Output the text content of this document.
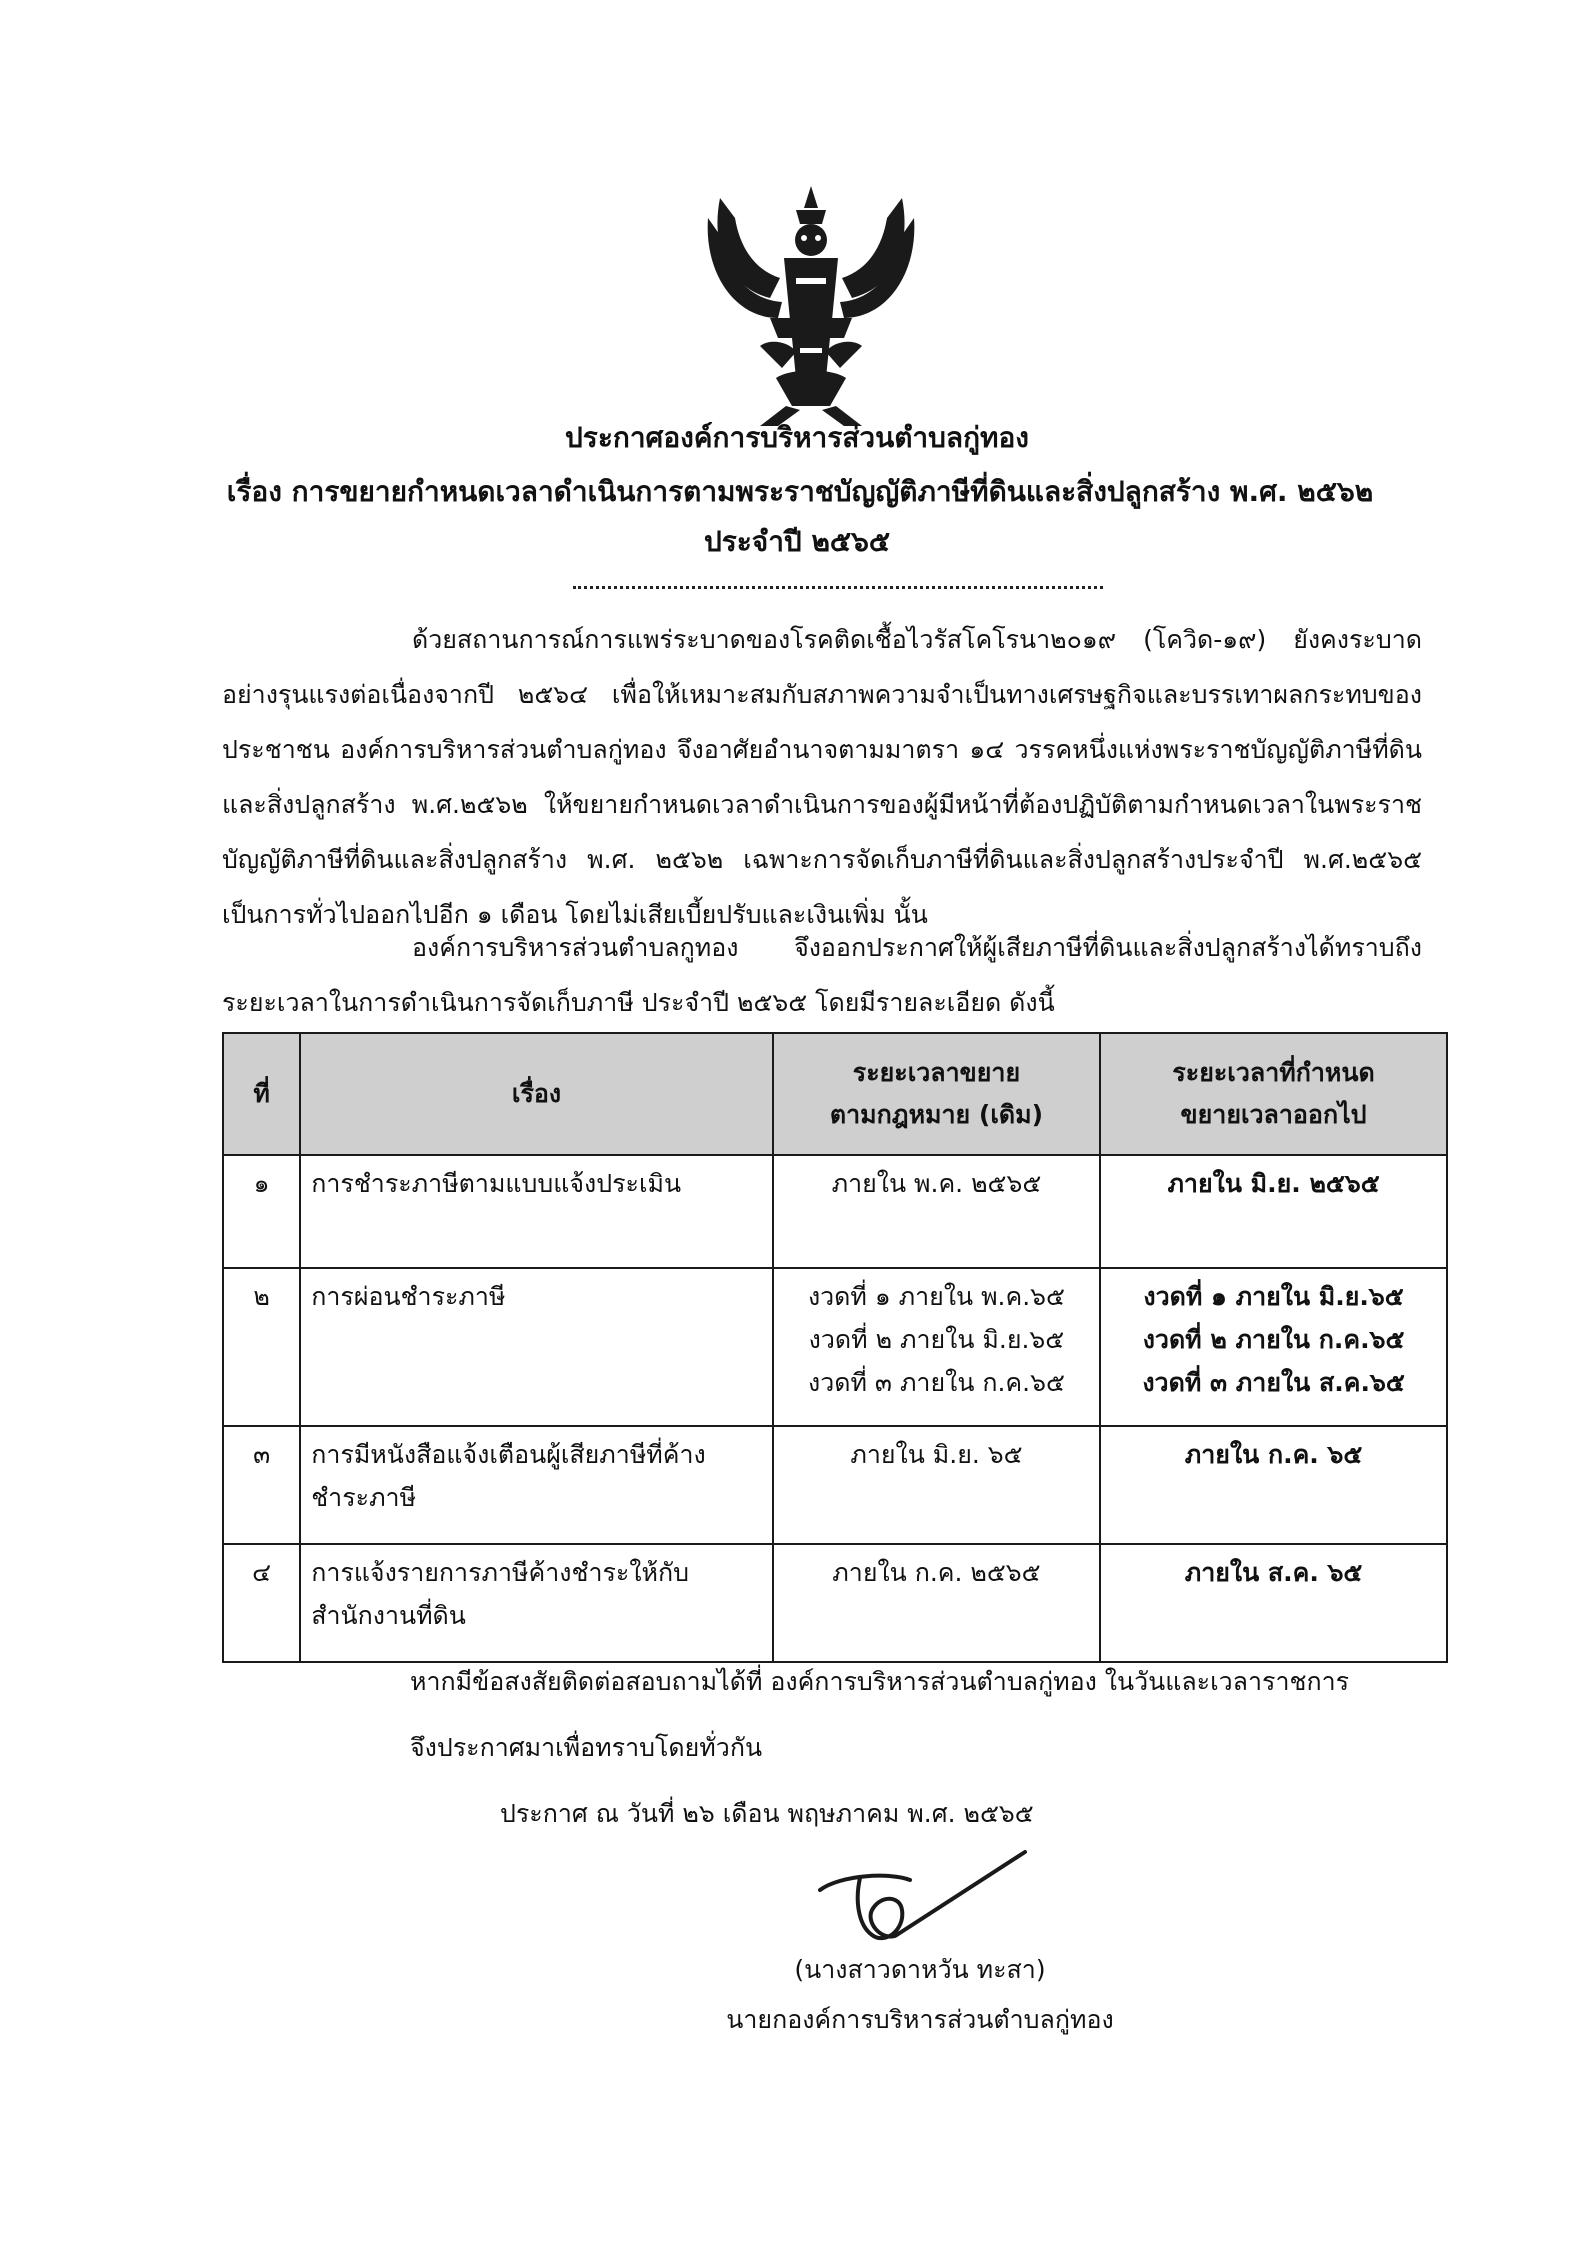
ประกาศองค์การบริหารส่วนตำบลกู่ทอง
เรื่อง การขยายกำหนดเวลาดำเนินการตามพระราชบัญญัติภาษีที่ดินและสิ่งปลูกสร้าง พ.ศ. ๒๕๖๒
ประจำปี ๒๕๖๕
ด้วยสถานการณ์การแพร่ระบาดของโรคติดเชื้อไวรัสโคโรนา๒๐๑๙ (โควิด-๑๙) ยังคงระบาดอย่างรุนแรงต่อเนื่องจากปี ๒๕๖๔ เพื่อให้เหมาะสมกับสภาพความจำเป็นทางเศรษฐกิจและบรรเทาผลกระทบของประชาชน องค์การบริหารส่วนตำบลกู่ทอง จึงอาศัยอำนาจตามมาตรา ๑๔ วรรคหนึ่งแห่งพระราชบัญญัติภาษีที่ดินและสิ่งปลูกสร้าง พ.ศ.๒๕๖๒ ให้ขยายกำหนดเวลาดำเนินการของผู้มีหน้าที่ต้องปฏิบัติตามกำหนดเวลาในพระราชบัญญัติภาษีที่ดินและสิ่งปลูกสร้าง พ.ศ. ๒๕๖๒ เฉพาะการจัดเก็บภาษีที่ดินและสิ่งปลูกสร้างประจำปี พ.ศ.๒๕๖๕ เป็นการทั่วไปออกไปอีก ๑ เดือน โดยไม่เสียเบี้ยปรับและเงินเพิ่ม นั้น
องค์การบริหารส่วนตำบลกูทอง จึงออกประกาศให้ผู้เสียภาษีที่ดินและสิ่งปลูกสร้างได้ทราบถึงระยะเวลาในการดำเนินการจัดเก็บภาษี ประจำปี ๒๕๖๕ โดยมีรายละเอียด ดังนี้
ที่	เรื่อง	ระยะเวลาขยาย
ตามกฎหมาย (เดิม)	ระยะเวลาที่กำหนด
ขยายเวลาออกไป

๑	การชำระภาษีตามแบบแจ้งประเมิน	ภายใน พ.ค. ๒๕๖๕	ภายใน มิ.ย. ๒๕๖๕

๒	การผ่อนชำระภาษี	งวดที่ ๑ ภายใน พ.ค.๖๕
งวดที่ ๒ ภายใน มิ.ย.๖๕
งวดที่ ๓ ภายใน ก.ค.๖๕	งวดที่ ๑ ภายใน มิ.ย.๖๕
งวดที่ ๒ ภายใน ก.ค.๖๕
งวดที่ ๓ ภายใน ส.ค.๖๕

๓	การมีหนังสือแจ้งเตือนผู้เสียภาษีที่ค้าง
ชำระภาษี	ภายใน มิ.ย. ๖๕	ภายใน ก.ค. ๖๕

๔	การแจ้งรายการภาษีค้างชำระให้กับ
สำนักงานที่ดิน	ภายใน ก.ค. ๒๕๖๕	ภายใน ส.ค. ๖๕
หากมีข้อสงสัยติดต่อสอบถามได้ที่ องค์การบริหารส่วนตำบลกู่ทอง ในวันและเวลาราชการ
จึงประกาศมาเพื่อทราบโดยทั่วกัน
ประกาศ ณ วันที่ ๒๖ เดือน พฤษภาคม พ.ศ. ๒๕๖๕
(นางสาวดาหวัน ทะสา)
นายกองค์การบริหารส่วนตำบลกู่ทอง
